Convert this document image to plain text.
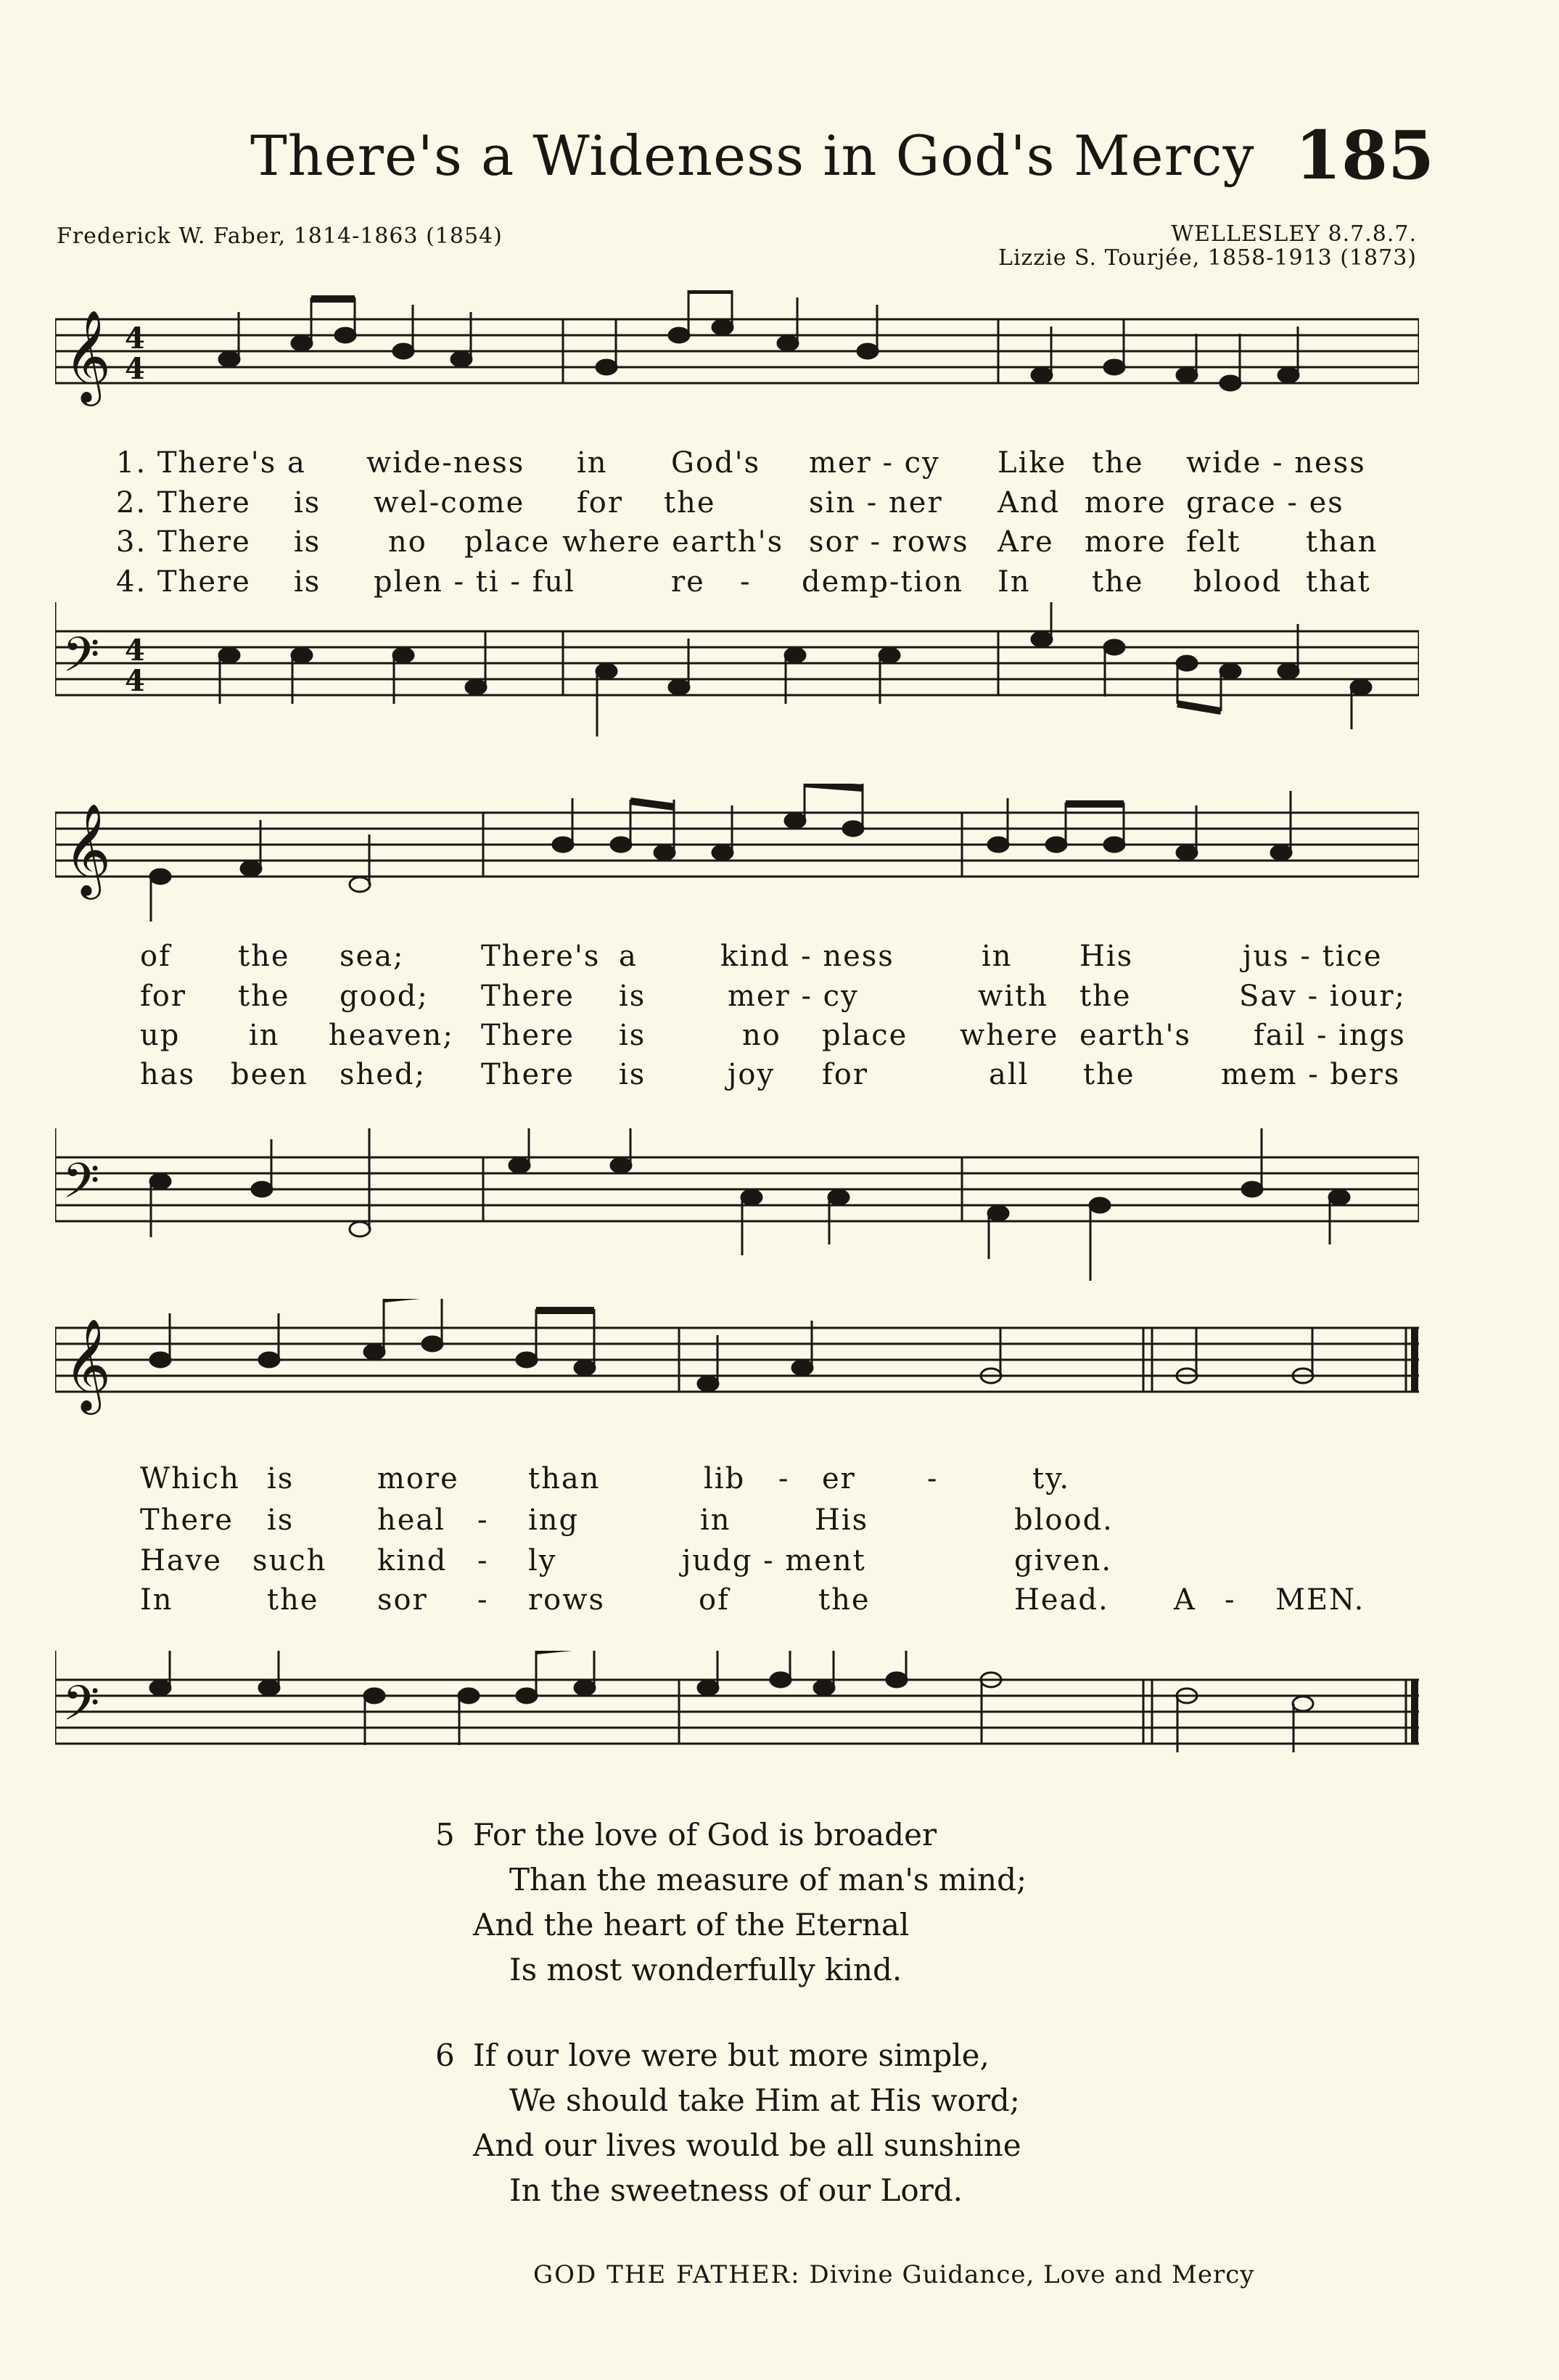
There's a Wideness in God's Mercy 185
Frederick W. Faber, 1814-1863 (1854)	WELLESLEY 8.7.8.7.
Lizzie S. Tourjée, 1858-1913 (1873)
𝄞 4
4
1. There's a wide-ness in God's mer - cy Like the wide - ness
2. There is wel-come for the	sin - ner And more grace - es
3. There is no place where earth's sor - rows Are more felt than
4. There is plen - ti - ful	re - demp-tion In the blood that
𝄢 4
4
𝄞
of the sea;	There's a	kind - ness	in His	jus - tice
for the good; There is	mer - cy	with the	Sav - iour;
up in heaven; There is	no place where earth's fail - ings
has been shed; There is	joy for	all the	mem - bers
𝄢
𝄞
Which is	more than	lib - er -	ty.
There is	heal - ing	in	His	blood.
Have such kind - ly	judg - ment	given.
In	the sor - rows	of	the	Head. A - MEN.
𝄢
5 For the love of God is broader
Than the measure of man's mind;
And the heart of the Eternal
Is most wonderfully kind.
6 If our love were but more simple,
We should take Him at His word;
And our lives would be all sunshine
In the sweetness of our Lord.
GOD THE FATHER: Divine Guidance, Love and Mercy
